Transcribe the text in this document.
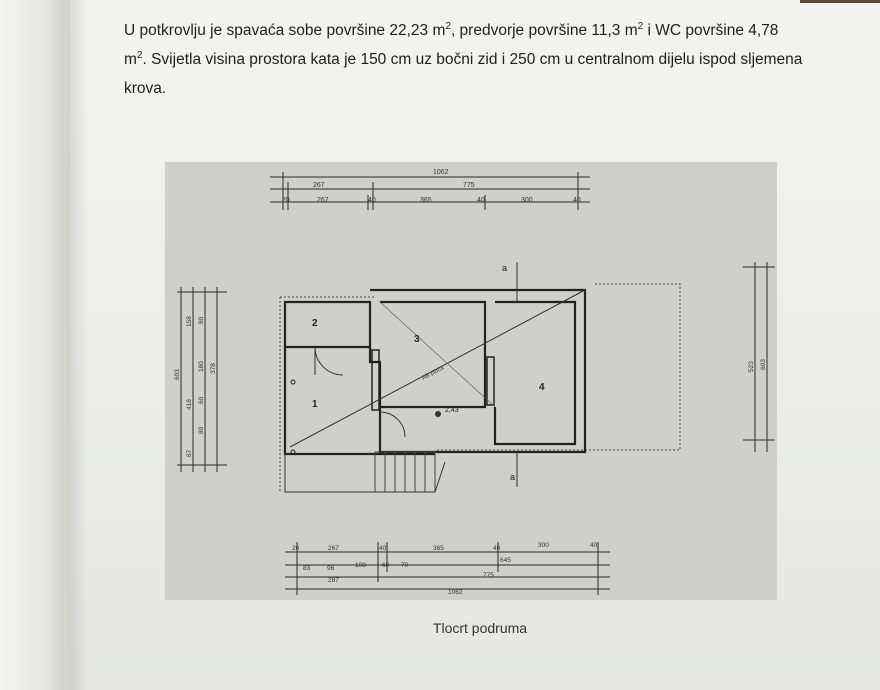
U potkrovlju je spavaća sobe površine 22,23 $m^2$, predvorje površine 11,3 $m^2$ i WC površine 4,78 $m^2$. Svijetla visina prostora kata je 150 cm uz bočni zid i 250 cm u centralnom dijelu ispod sljemena krova.
1062
267	775
20	267	40	365	40	300	40
603
158 80
180
60
418
378
80
87
603
523
a
a
1
2
3
4
AB ploča
2,43
20	267	40	365	40	300	40
83	96	108 60 70
645
287
775
1062
Tlocrt podruma
